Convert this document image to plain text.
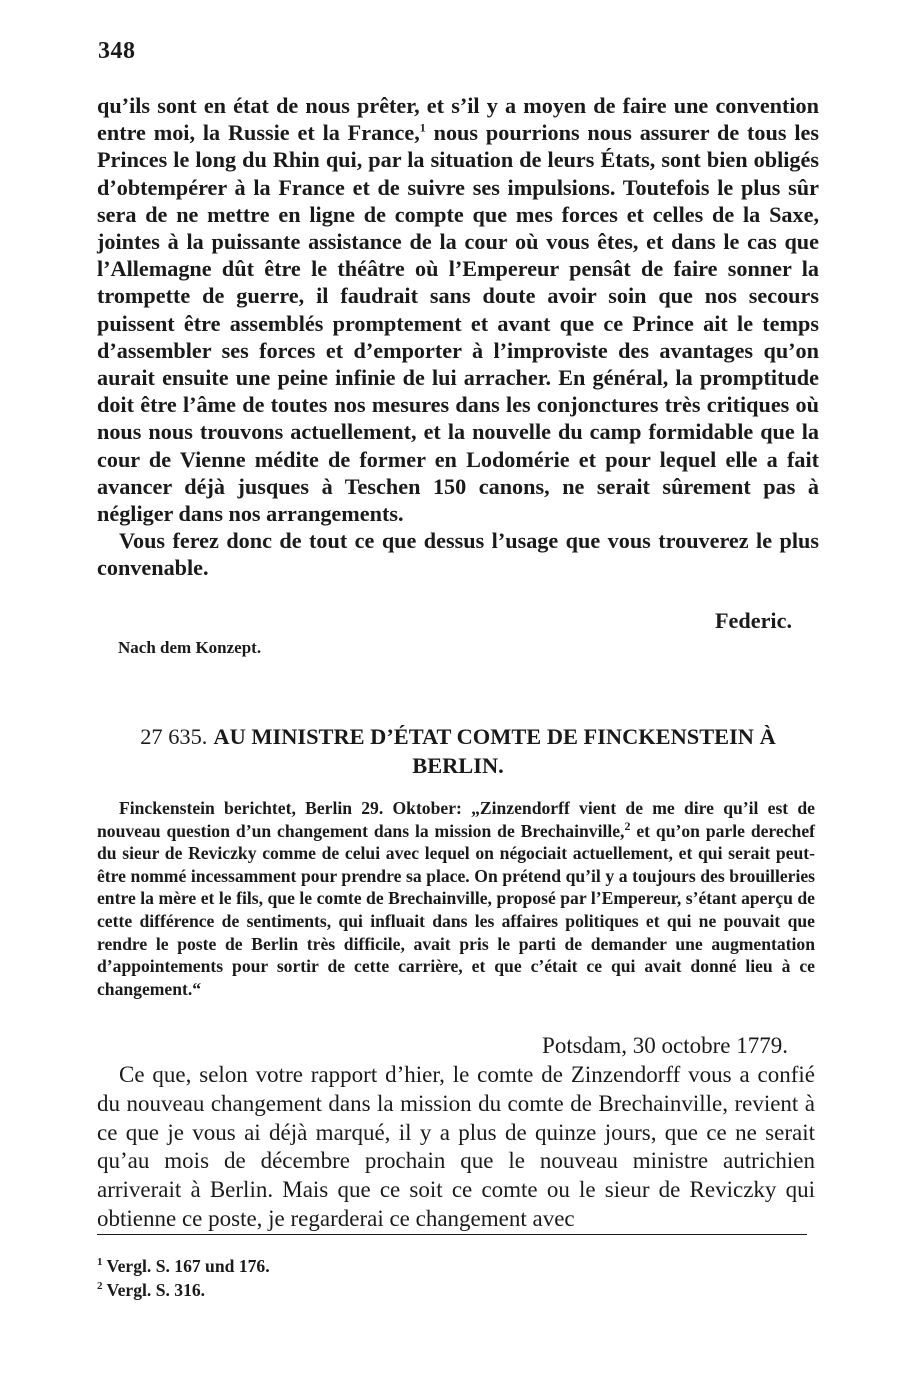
348

qu’ils sont en état de nous prêter, et s’il y a moyen de faire une convention entre moi, la Russie et la France,$^1$ nous pourrions nous assurer de tous les Princes le long du Rhin qui, par la situation de leurs États, sont bien obligés d’obtempérer à la France et de suivre ses impulsions. Toutefois le plus sûr sera de ne mettre en ligne de compte que mes forces et celles de la Saxe, jointes à la puissante assistance de la cour où vous êtes, et dans le cas que l’Allemagne dût être le théâtre où l’Empereur pensât de faire sonner la trompette de guerre, il faudrait sans doute avoir soin que nos secours puissent être assemblés promptement et avant que ce Prince ait le temps d’assembler ses forces et d’emporter à l’improviste des avantages qu’on aurait ensuite une peine infinie de lui arracher. En général, la promptitude doit être l’âme de toutes nos mesures dans les conjonctures très critiques où nous nous trouvons actuellement, et la nouvelle du camp formidable que la cour de Vienne médite de former en Lodomérie et pour lequel elle a fait avancer déjà jusques à Teschen 150 canons, ne serait sûrement pas à négliger dans nos arrangements.

Vous ferez donc de tout ce que dessus l’usage que vous trouverez le plus convenable.

Federic.
Nach dem Konzept.

27 635. AU MINISTRE D’ÉTAT COMTE DE FINCKENSTEIN À BERLIN.

Finckenstein berichtet, Berlin 29. Oktober: „Zinzendorff vient de me dire qu’il est de nouveau question d’un changement dans la mission de Brechainville,$^2$ et qu’on parle derechef du sieur de Reviczky comme de celui avec lequel on négociait actuellement, et qui serait peut-être nommé incessamment pour prendre sa place. On prétend qu’il y a toujours des brouilleries entre la mère et le fils, que le comte de Brechainville, proposé par l’Empereur, s’étant aperçu de cette différence de sentiments, qui influait dans les affaires politiques et qui ne pouvait que rendre le poste de Berlin très difficile, avait pris le parti de demander une augmentation d’appointements pour sortir de cette carrière, et que c’était ce qui avait donné lieu à ce changement.“

Potsdam, 30 octobre 1779.

Ce que, selon votre rapport d’hier, le comte de Zinzendorff vous a confié du nouveau changement dans la mission du comte de Brechainville, revient à ce que je vous ai déjà marqué, il y a plus de quinze jours, que ce ne serait qu’au mois de décembre prochain que le nouveau ministre autrichien arriverait à Berlin. Mais que ce soit ce comte ou le sieur de Reviczky qui obtienne ce poste, je regarderai ce changement avec

$^1$ Vergl. S. 167 und 176.
$^2$ Vergl. S. 316.
